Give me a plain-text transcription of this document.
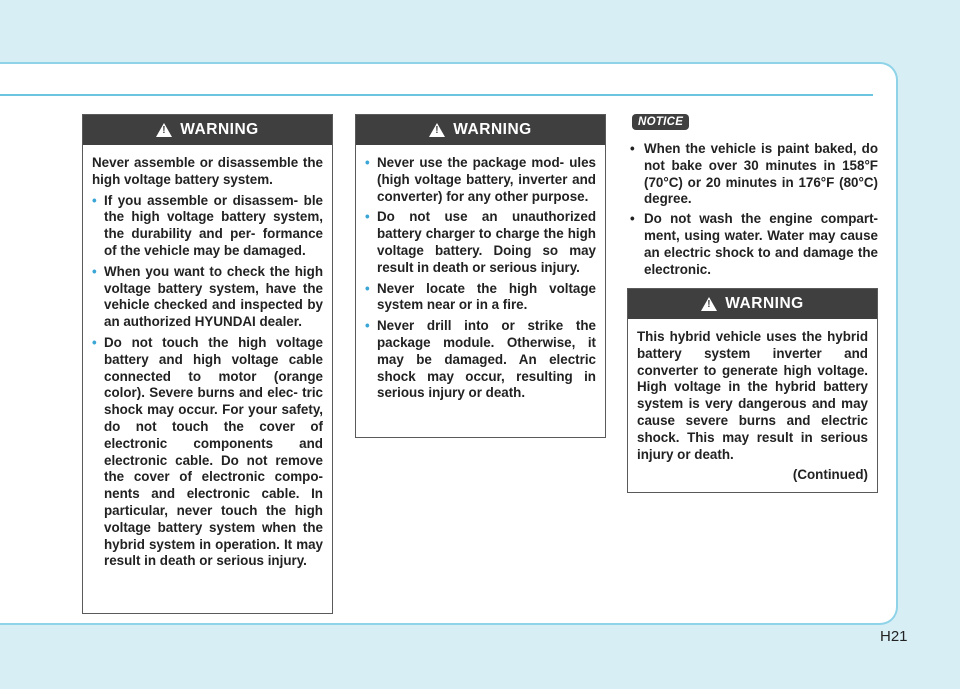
! WARNING

Never assemble or disassemble the high voltage battery system.

• If you assemble or disassem- ble the high voltage battery system, the durability and per- formance of the vehicle may be damaged.
• When you want to check the high voltage battery system, have the vehicle checked and inspected by an authorized HYUNDAI dealer.
• Do not touch the high voltage battery and high voltage cable connected to motor (orange color). Severe burns and elec- tric shock may occur. For your safety, do not touch the cover of electronic components and electronic cable. Do not remove the cover of electronic compo- nents and electronic cable. In particular, never touch the high voltage battery system when the hybrid system in operation. It may result in death or serious injury.
! WARNING
• Never use the package mod- ules (high voltage battery, inverter and converter) for any other purpose.
• Do not use an unauthorized battery charger to charge the high voltage battery. Doing so may result in death or serious injury.
• Never locate the high voltage system near or in a fire.
• Never drill into or strike the package module. Otherwise, it may be damaged. An electric shock may occur, resulting in serious injury or death.
NOTICE
• When the vehicle is paint baked, do not bake over 30 minutes in 158°F (70°C) or 20 minutes in 176°F (80°C) degree.
• Do not wash the engine compart- ment, using water. Water may cause an electric shock to and damage the electronic.
! WARNING

This hybrid vehicle uses the hybrid battery system inverter and converter to generate high voltage. High voltage in the hybrid battery system is very dangerous and may cause severe burns and electric shock. This may result in serious injury or death.

(Continued)
H21
